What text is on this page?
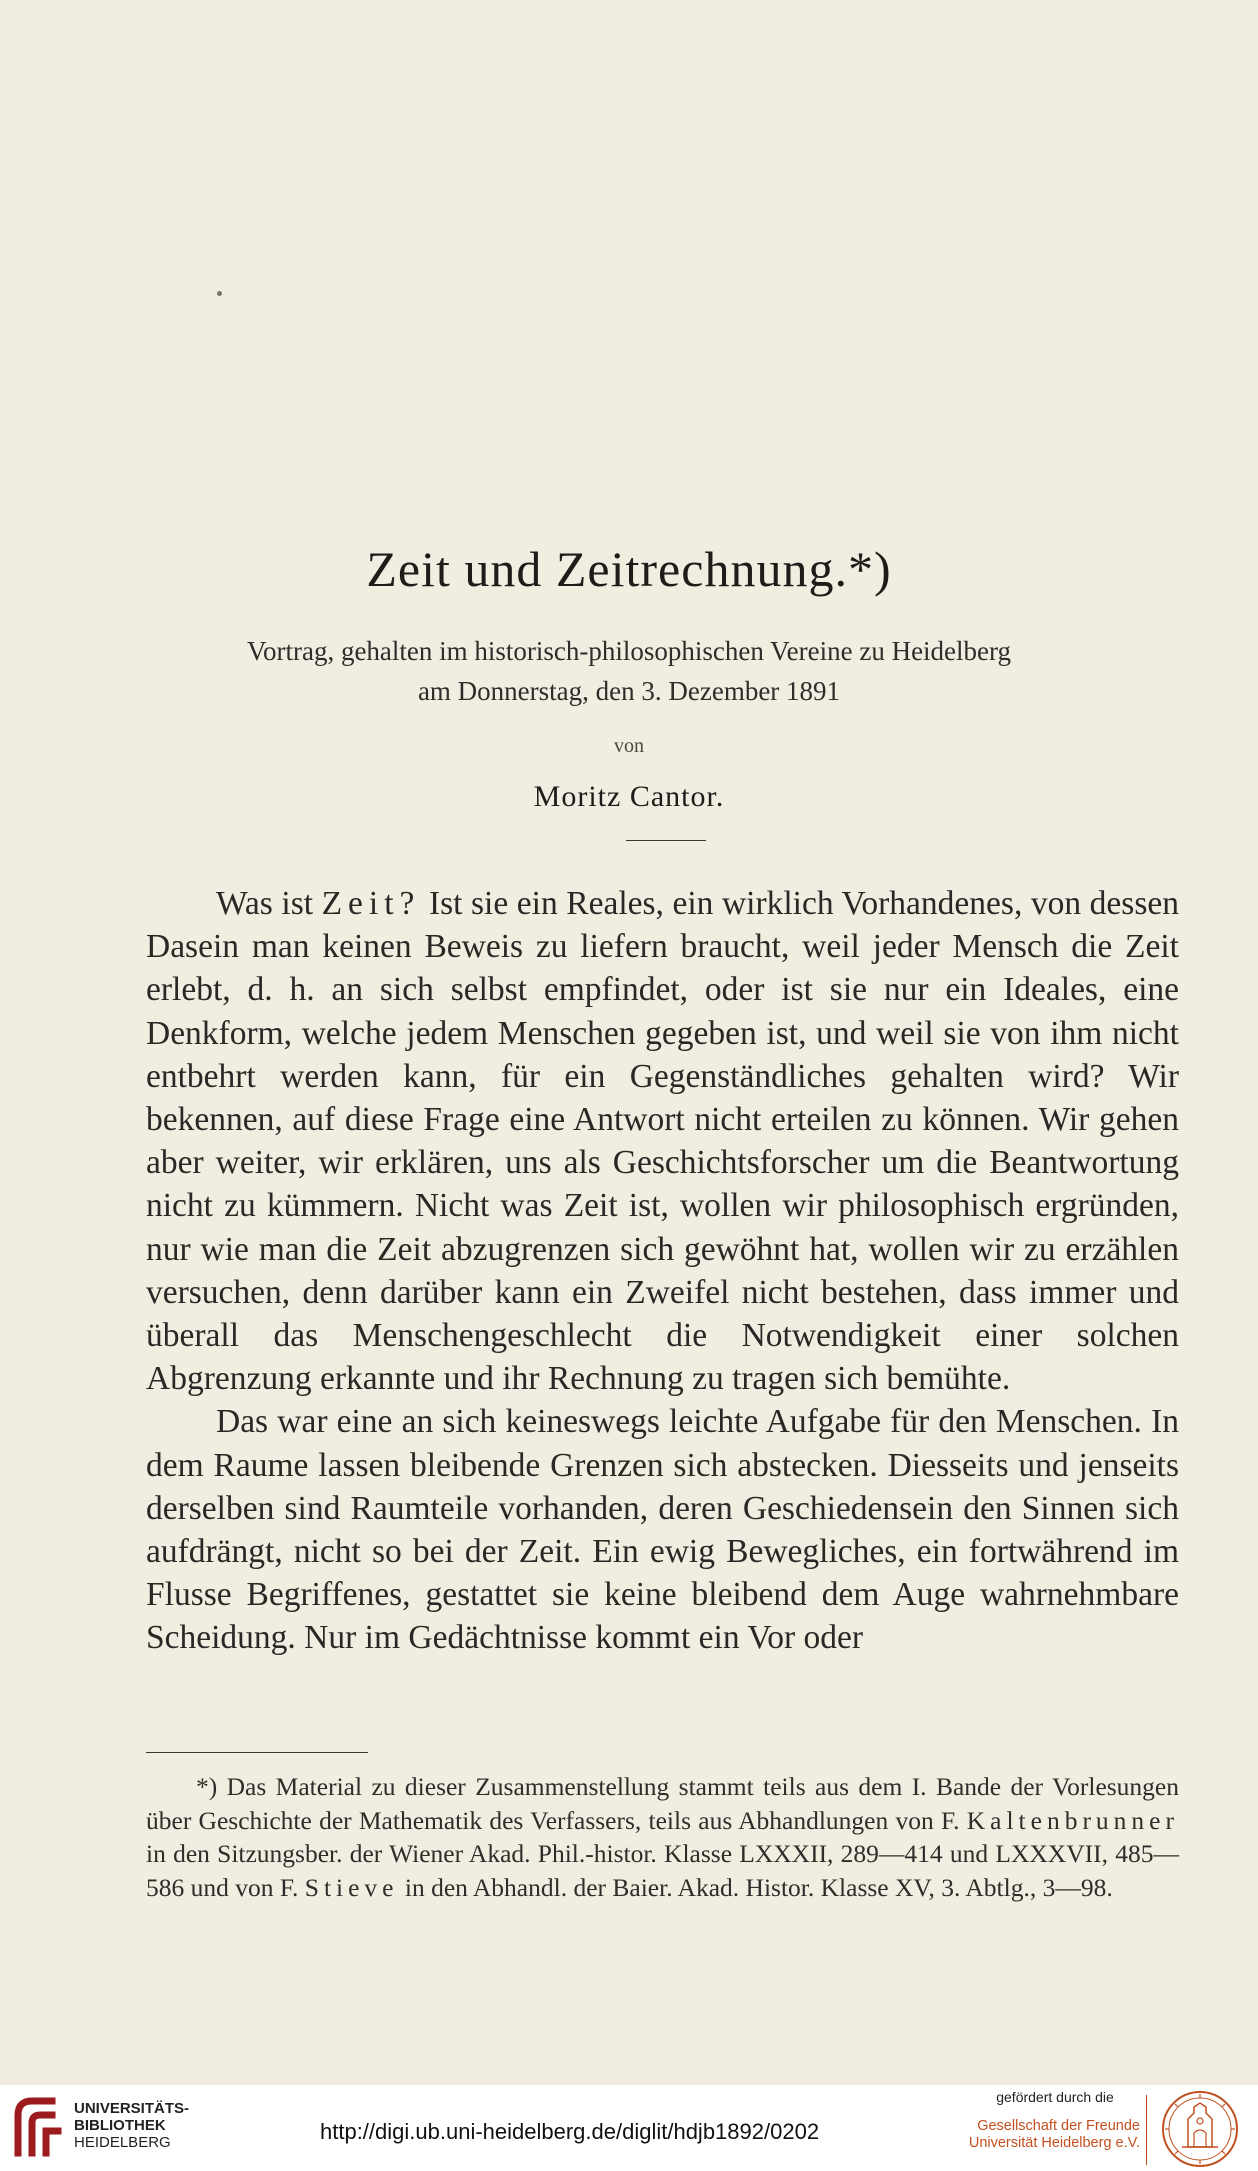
Zeit und Zeitrechnung.*)
Vortrag, gehalten im historisch-philosophischen Vereine zu Heidelberg
am Donnerstag, den 3. Dezember 1891
von
Moritz Cantor.

Was ist Zeit? Ist sie ein Reales, ein wirklich Vorhandenes, von dessen Dasein man keinen Beweis zu liefern braucht, weil jeder Mensch die Zeit erlebt, d. h. an sich selbst empfindet, oder ist sie nur ein Ideales, eine Denkform, welche jedem Menschen gegeben ist, und weil sie von ihm nicht entbehrt werden kann, für ein Gegenständliches gehalten wird? Wir bekennen, auf diese Frage eine Antwort nicht erteilen zu können. Wir gehen aber weiter, wir erklären, uns als Geschichtsforscher um die Beantwortung nicht zu kümmern. Nicht was Zeit ist, wollen wir philosophisch ergründen, nur wie man die Zeit abzugrenzen sich gewöhnt hat, wollen wir zu erzählen versuchen, denn darüber kann ein Zweifel nicht bestehen, dass immer und überall das Menschengeschlecht die Notwendigkeit einer solchen Abgrenzung erkannte und ihr Rechnung zu tragen sich bemühte.

Das war eine an sich keineswegs leichte Aufgabe für den Menschen. In dem Raume lassen bleibende Grenzen sich abstecken. Diesseits und jenseits derselben sind Raumteile vorhanden, deren Geschiedensein den Sinnen sich aufdrängt, nicht so bei der Zeit. Ein ewig Bewegliches, ein fortwährend im Flusse Begriffenes, gestattet sie keine bleibend dem Auge wahrnehmbare Scheidung. Nur im Gedächtnisse kommt ein Vor oder

*) Das Material zu dieser Zusammenstellung stammt teils aus dem I. Bande der Vorlesungen über Geschichte der Mathematik des Verfassers, teils aus Abhandlungen von F. Kaltenbrunner in den Sitzungsber. der Wiener Akad. Phil.-histor. Klasse LXXXII, 289—414 und LXXXVII, 485—586 und von F. Stieve in den Abhandl. der Baier. Akad. Histor. Klasse XV, 3. Abtlg., 3—98.

UNIVERSITÄTS-
BIBLIOTHEK
HEIDELBERG	http://digi.ub.uni-heidelberg.de/diglit/hdjb1892/0202
gefördert durch die
Gesellschaft der Freunde
Universität Heidelberg e.V.
